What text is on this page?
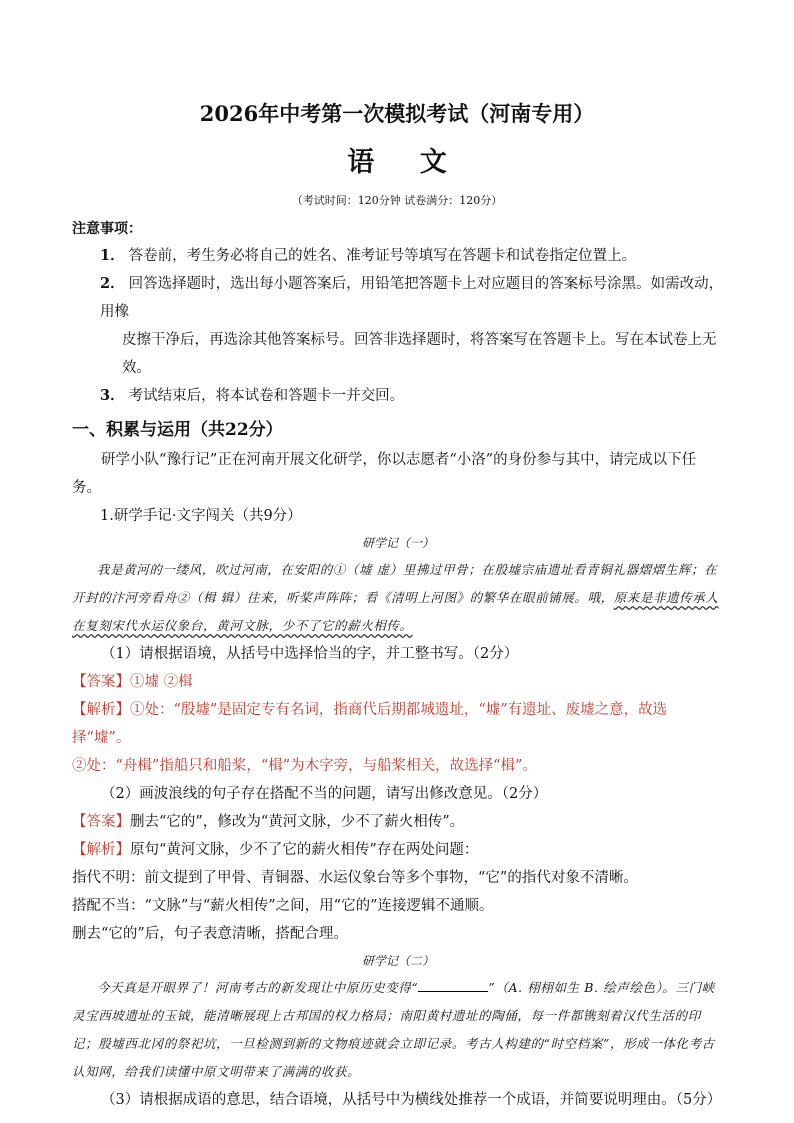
2026年中考第一次模拟考试（河南专用）
语 文
（考试时间：120分钟 试卷满分：120分）
注意事项：
1． 答卷前，考生务必将自己的姓名、准考证号等填写在答题卡和试卷指定位置上。
2． 回答选择题时，选出每小题答案后，用铅笔把答题卡上对应题目的答案标号涂黑。如需改动，用橡
皮擦干净后，再选涂其他答案标号。回答非选择题时，将答案写在答题卡上。写在本试卷上无效。
3． 考试结束后，将本试卷和答题卡一并交回。
一、积累与运用（共22分）
研学小队“豫行记”正在河南开展文化研学，你以志愿者“小洛”的身份参与其中，请完成以下任务。
1.研学手记·文字闯关（共9分）
研学记（一）
我是黄河的一缕风，吹过河南，在安阳的①（墟 虚）里拂过甲骨；在殷墟宗庙遗址看青铜礼器熠熠生辉；在开封的汴河旁看舟②（楫 辑）往来，听桨声阵阵；看《清明上河图》的繁华在眼前铺展。哦，原来是非遗传承人在复刻宋代水运仪象台，黄河文脉，少不了它的薪火相传。
（1）请根据语境，从括号中选择恰当的字，并工整书写。（2分）
【答案】①墟 ②楫
【解析】①处：“殷墟”是固定专有名词，指商代后期都城遗址，“墟”有遗址、废墟之意，故选择“墟”。
②处：“舟楫”指船只和船桨，“楫”为木字旁，与船桨相关，故选择“楫”。
（2）画波浪线的句子存在搭配不当的问题，请写出修改意见。（2分）
【答案】删去“它的”，修改为“黄河文脉，少不了薪火相传”。
【解析】原句“黄河文脉，少不了它的薪火相传”存在两处问题：
指代不明：前文提到了甲骨、青铜器、水运仪象台等多个事物，“它”的指代对象不清晰。
搭配不当：“文脉”与“薪火相传”之间，用“它的”连接逻辑不通顺。
删去“它的”后，句子表意清晰，搭配合理。
研学记（二）
今天真是开眼界了！河南考古的新发现让中原历史变得“	”（A. 栩栩如生 B. 绘声绘色）。三门峡灵宝西坡遗址的玉钺，能清晰展现上古邦国的权力格局；南阳黄村遗址的陶俑，每一件都镌刻着汉代生活的印记；殷墟西北冈的祭祀坑，一旦检测到新的文物痕迹就会立即记录。考古人构建的“时空档案”，形成一体化考古认知网，给我们读懂中原文明带来了满满的收获。
（3）请根据成语的意思，结合语境，从括号中为横线处推荐一个成语，并简要说明理由。（5分）
